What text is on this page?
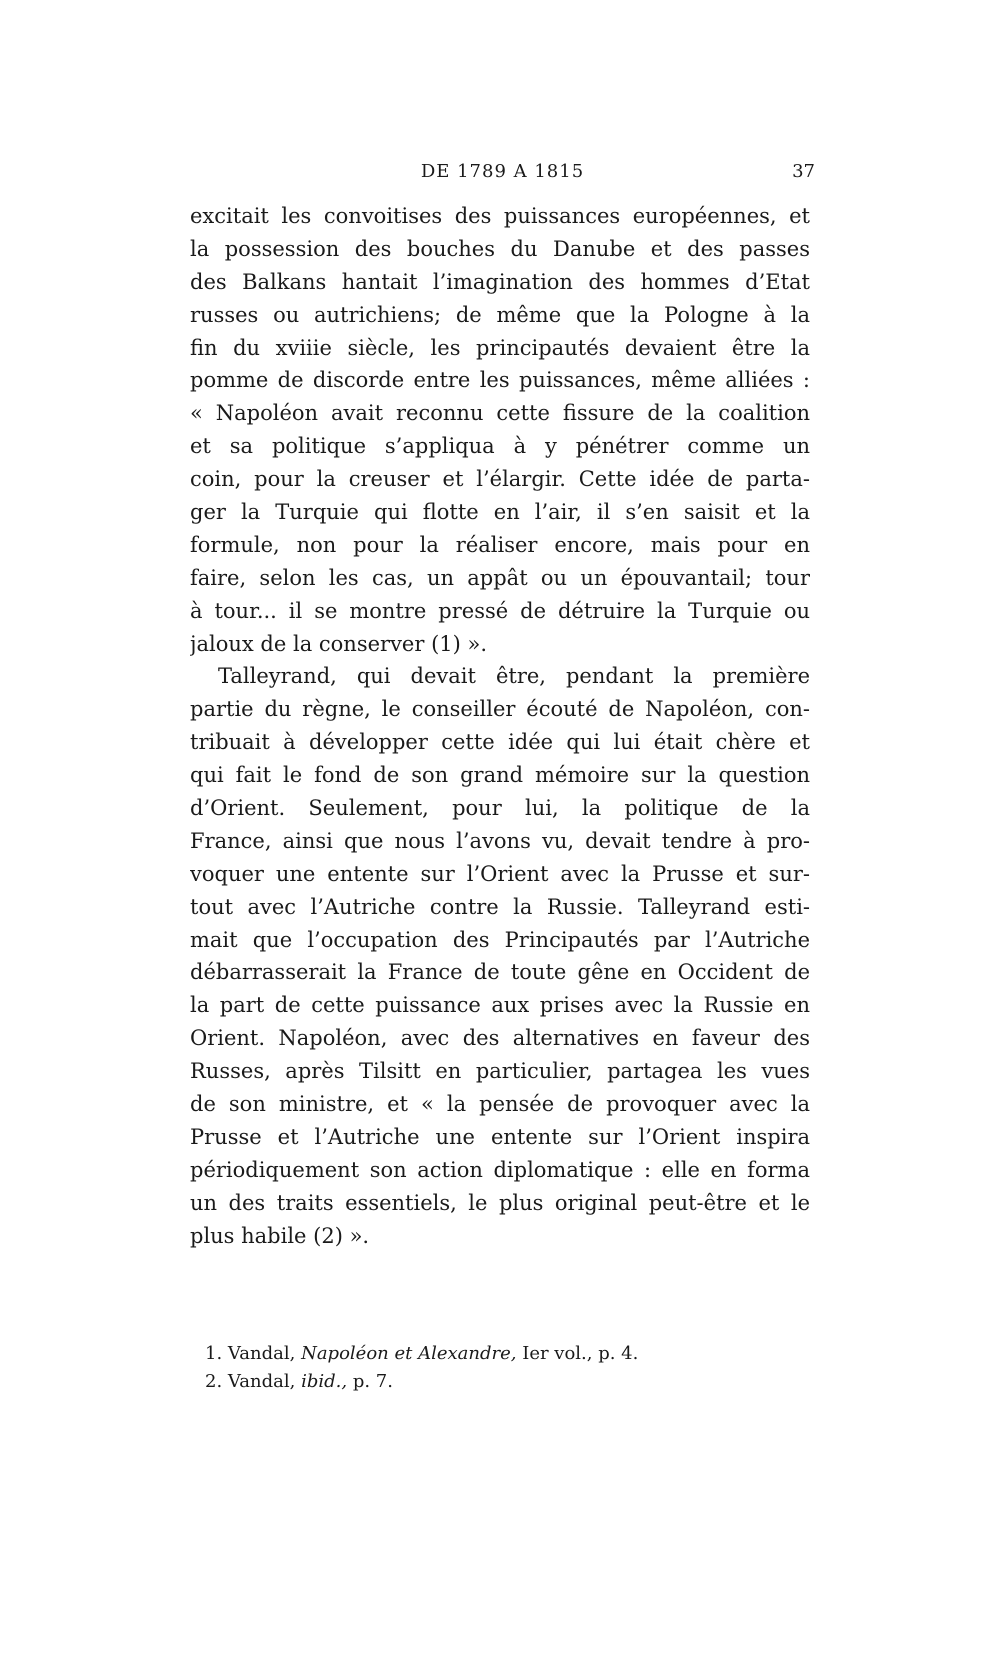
DE 1789 A 1815	37
excitait les convoitises des puissances européennes, et
la possession des bouches du Danube et des passes
des Balkans hantait l’imagination des hommes d’Etat
russes ou autrichiens; de même que la Pologne à la
fin du xviiie siècle, les principautés devaient être la
pomme de discorde entre les puissances, même alliées :
« Napoléon avait reconnu cette fissure de la coalition
et sa politique s’appliqua à y pénétrer comme un
coin, pour la creuser et l’élargir. Cette idée de parta-
ger la Turquie qui flotte en l’air, il s’en saisit et la
formule, non pour la réaliser encore, mais pour en
faire, selon les cas, un appât ou un épouvantail; tour
à tour... il se montre pressé de détruire la Turquie ou
jaloux de la conserver (1) ».
Talleyrand, qui devait être, pendant la première
partie du règne, le conseiller écouté de Napoléon, con-
tribuait à développer cette idée qui lui était chère et
qui fait le fond de son grand mémoire sur la question
d’Orient. Seulement, pour lui, la politique de la
France, ainsi que nous l’avons vu, devait tendre à pro-
voquer une entente sur l’Orient avec la Prusse et sur-
tout avec l’Autriche contre la Russie. Talleyrand esti-
mait que l’occupation des Principautés par l’Autriche
débarrasserait la France de toute gêne en Occident de
la part de cette puissance aux prises avec la Russie en
Orient. Napoléon, avec des alternatives en faveur des
Russes, après Tilsitt en particulier, partagea les vues
de son ministre, et « la pensée de provoquer avec la
Prusse et l’Autriche une entente sur l’Orient inspira
périodiquement son action diplomatique : elle en forma
un des traits essentiels, le plus original peut-être et le
plus habile (2) ».
1. Vandal, Napoléon et Alexandre, Ier vol., p. 4.
2. Vandal, ibid., p. 7.
